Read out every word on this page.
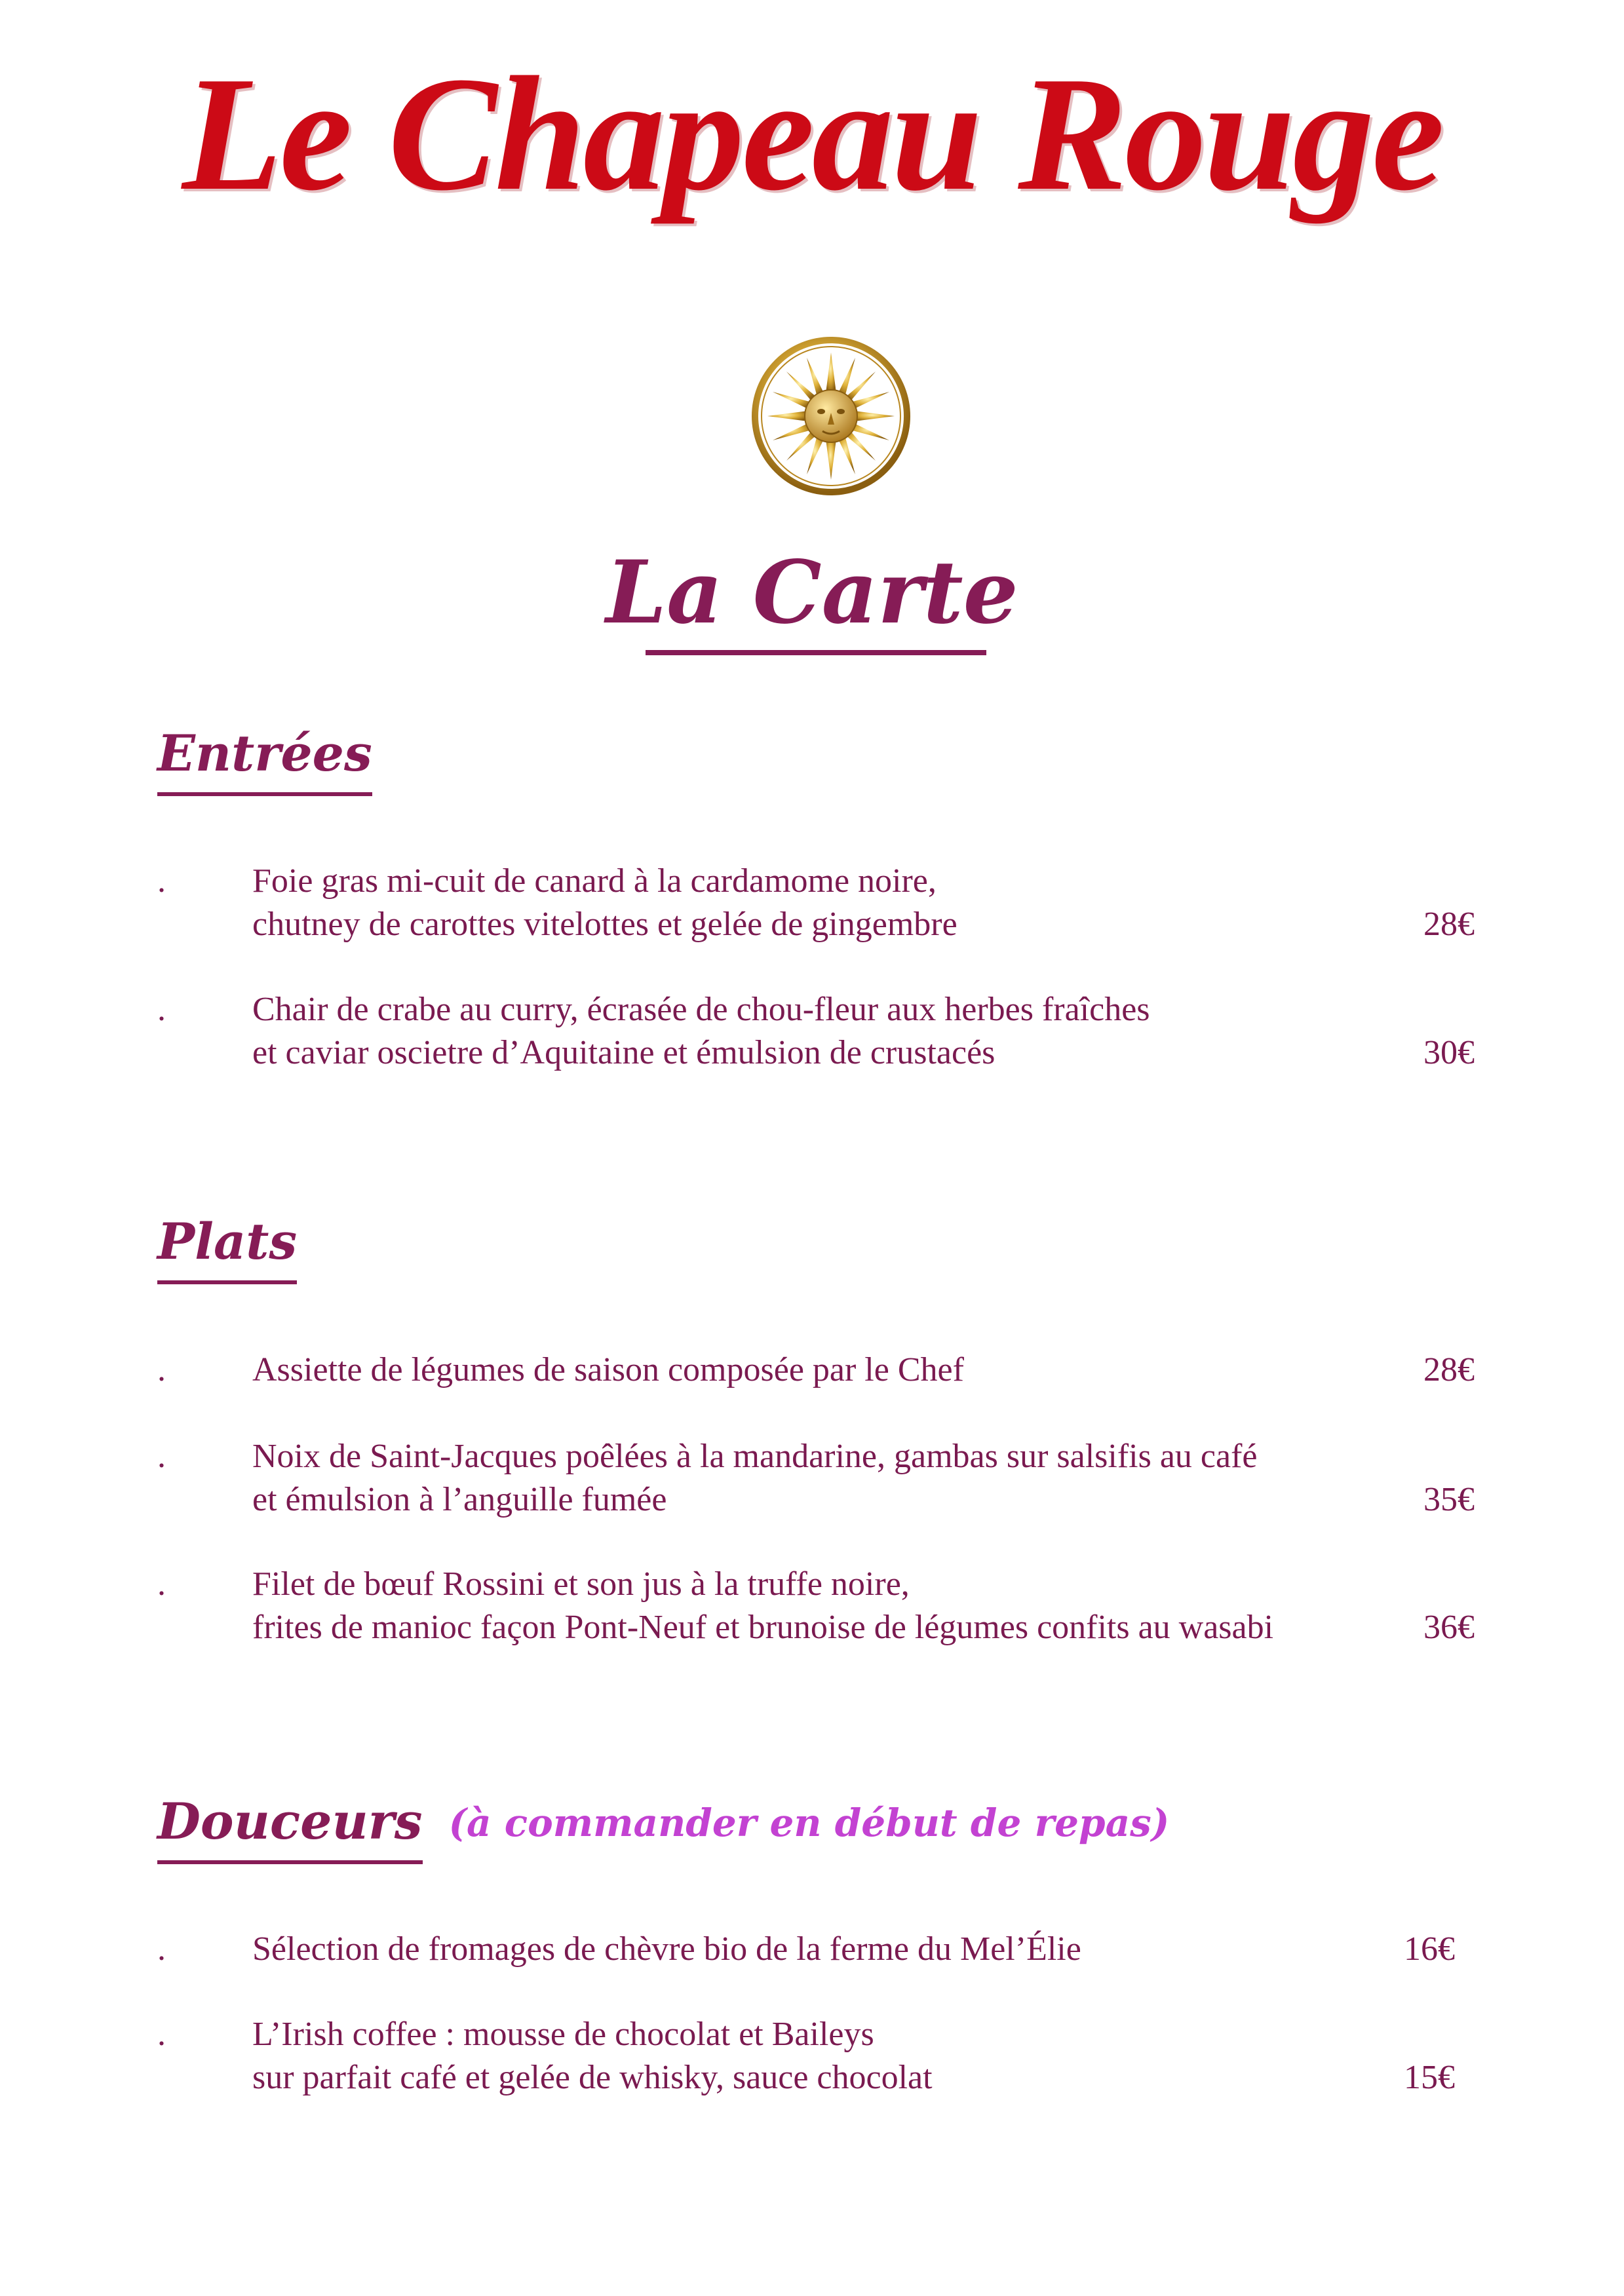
Le Chapeau Rouge
La Carte
Entrées
.	Foie gras mi-cuit de canard à la cardamome noire,
chutney de carottes vitelottes et gelée de gingembre	28€
.	Chair de crabe au curry, écrasée de chou-fleur aux herbes fraîches
et caviar oscietre d’Aquitaine et émulsion de crustacés	30€
Plats
.	Assiette de légumes de saison composée par le Chef	28€
.	Noix de Saint-Jacques poêlées à la mandarine, gambas sur salsifis au café
et émulsion à l’anguille fumée	35€
.	Filet de bœuf Rossini et son jus à la truffe noire,
frites de manioc façon Pont-Neuf et brunoise de légumes confits au wasabi	36€
Douceurs (à commander en début de repas)
.	Sélection de fromages de chèvre bio de la ferme du Mel’Élie	16€
.	L’Irish coffee : mousse de chocolat et Baileys
sur parfait café et gelée de whisky, sauce chocolat	15€
